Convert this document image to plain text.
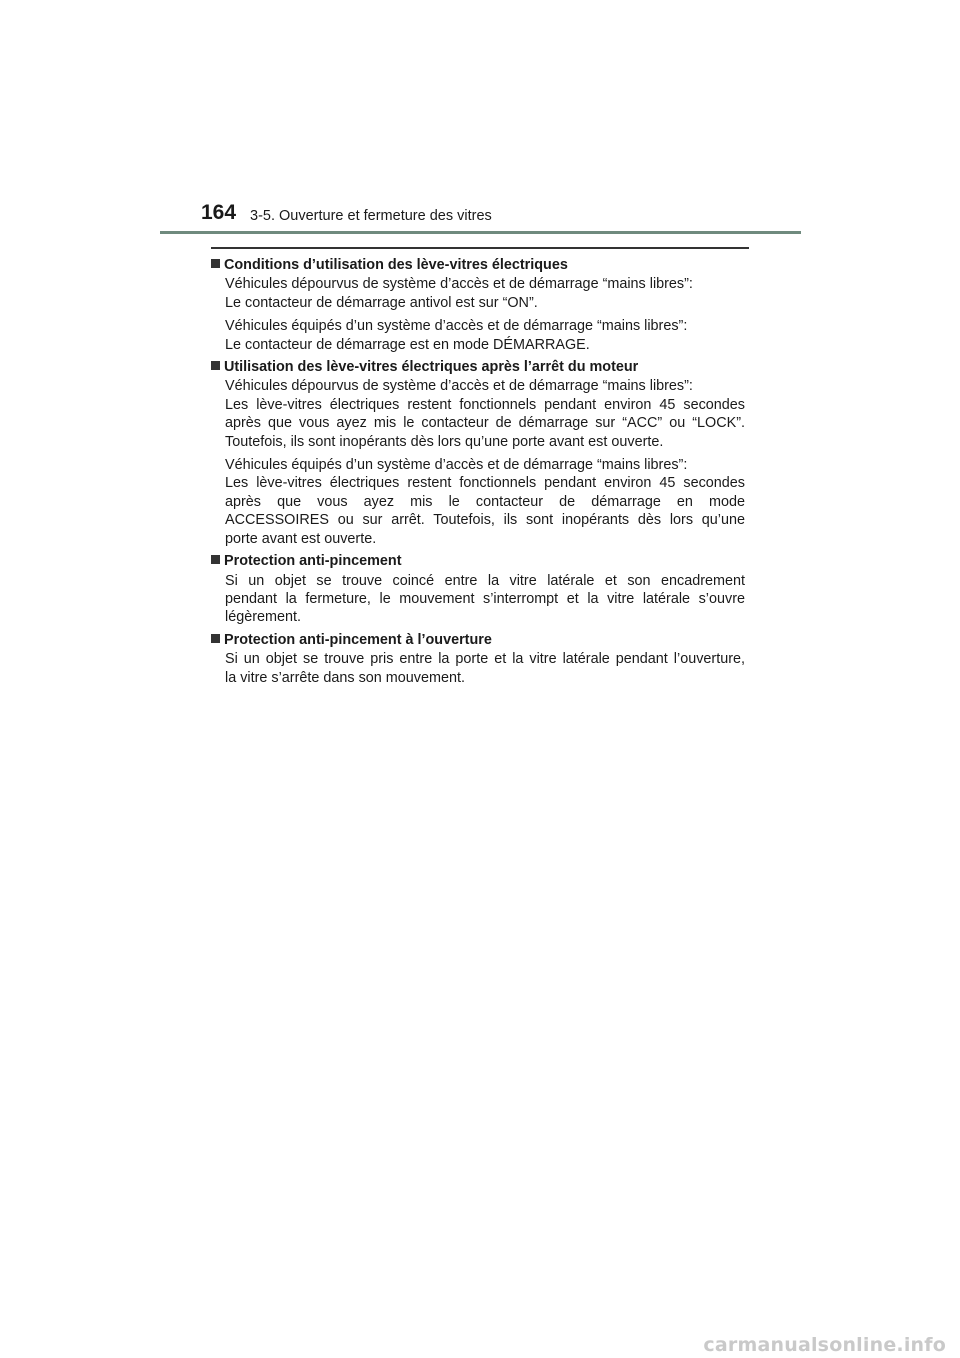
164 3-5. Ouverture et fermeture des vitres
Conditions d’utilisation des lève-vitres électriques

Véhicules dépourvus de système d’accès et de démarrage “mains libres”:
Le contacteur de démarrage antivol est sur “ON”.

Véhicules équipés d’un système d’accès et de démarrage “mains libres”:
Le contacteur de démarrage est en mode DÉMARRAGE.

Utilisation des lève-vitres électriques après l’arrêt du moteur

Véhicules dépourvus de système d’accès et de démarrage “mains libres”:
Les lève-vitres électriques restent fonctionnels pendant environ 45 secondes
après que vous ayez mis le contacteur de démarrage sur “ACC” ou “LOCK”.
Toutefois, ils sont inopérants dès lors qu’une porte avant est ouverte.

Véhicules équipés d’un système d’accès et de démarrage “mains libres”:
Les lève-vitres électriques restent fonctionnels pendant environ 45 secondes
après que vous ayez mis le contacteur de démarrage en mode
ACCESSOIRES ou sur arrêt. Toutefois, ils sont inopérants dès lors qu’une
porte avant est ouverte.

Protection anti-pincement

Si un objet se trouve coincé entre la vitre latérale et son encadrement
pendant la fermeture, le mouvement s’interrompt et la vitre latérale s’ouvre
légèrement.

Protection anti-pincement à l’ouverture

Si un objet se trouve pris entre la porte et la vitre latérale pendant l’ouverture,
la vitre s’arrête dans son mouvement.

carmanualsonline.info
